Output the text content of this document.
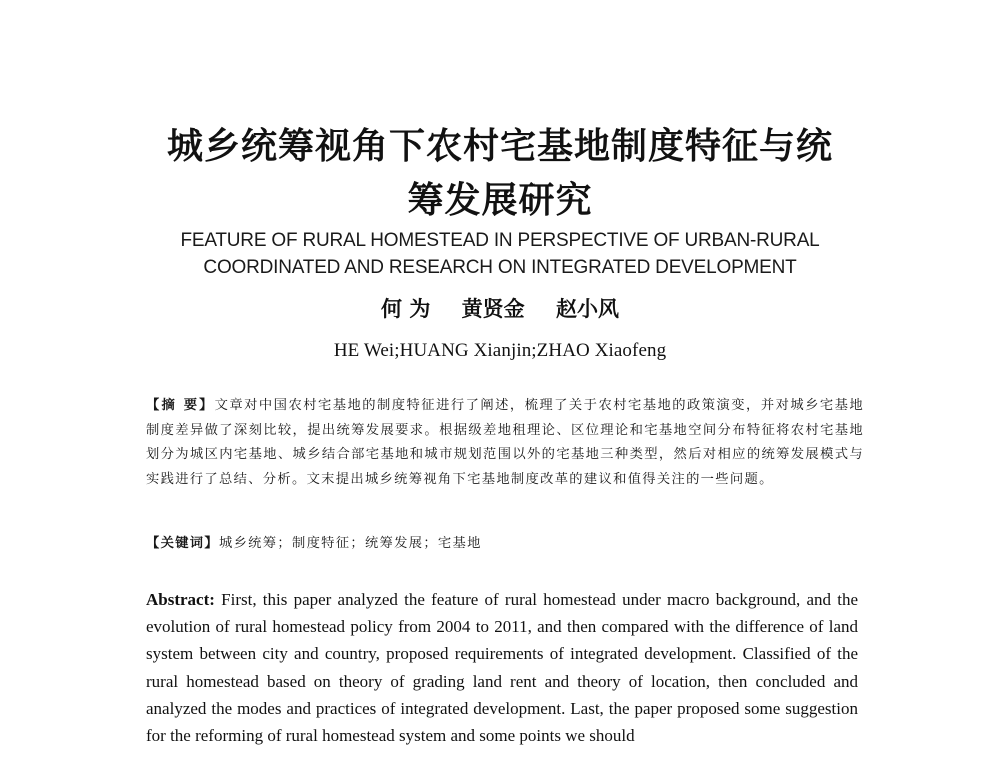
城乡统筹视角下农村宅基地制度特征与统
筹发展研究
FEATURE OF RURAL HOMESTEAD IN PERSPECTIVE OF URBAN-RURAL
COORDINATED AND RESEARCH ON INTEGRATED DEVELOPMENT
何 为 黄贤金 赵小风
HE Wei;HUANG Xianjin;ZHAO Xiaofeng
【摘 要】文章对中国农村宅基地的制度特征进行了阐述，梳理了关于农村宅基地的政策演变，并对城乡宅基地制度差异做了深刻比较，提出统筹发展要求。根据级差地租理论、区位理论和宅基地空间分布特征将农村宅基地划分为城区内宅基地、城乡结合部宅基地和城市规划范围以外的宅基地三种类型，然后对相应的统筹发展模式与实践进行了总结、分析。文末提出城乡统筹视角下宅基地制度改革的建议和值得关注的一些问题。
【关键词】城乡统筹；制度特征；统筹发展；宅基地
Abstract: First, this paper analyzed the feature of rural homestead under macro background, and the evolution of rural homestead policy from 2004 to 2011, and then compared with the difference of land system between city and country, proposed requirements of integrated development. Classified of the rural homestead based on theory of grading land rent and theory of location, then concluded and analyzed the modes and practices of integrated development. Last, the paper proposed some suggestion for the reforming of rural homestead system and some points we should
